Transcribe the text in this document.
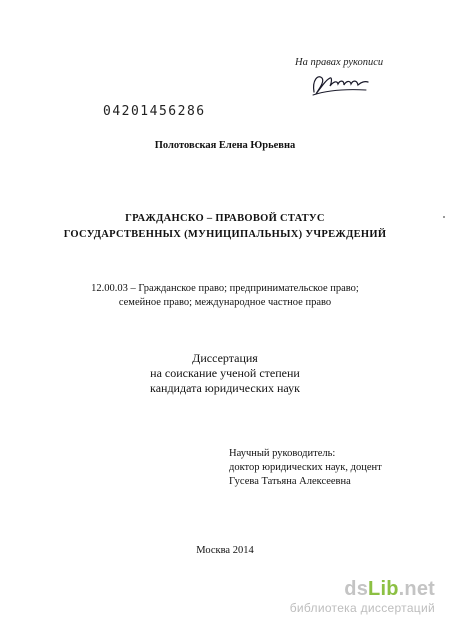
На правах рукописи
04201456286
Полотовская Елена Юрьевна
ГРАЖДАНСКО – ПРАВОВОЙ СТАТУС
ГОСУДАРСТВЕННЫХ (МУНИЦИПАЛЬНЫХ) УЧРЕЖДЕНИЙ
12.00.03 – Гражданское право; предпринимательское право;
семейное право; международное частное право
Диссертация
на соискание ученой степени
кандидата юридических наук
Научный руководитель:
доктор юридических наук, доцент
Гусева Татьяна Алексеевна
Москва 2014
dsLib.net
библиотека диссертаций
